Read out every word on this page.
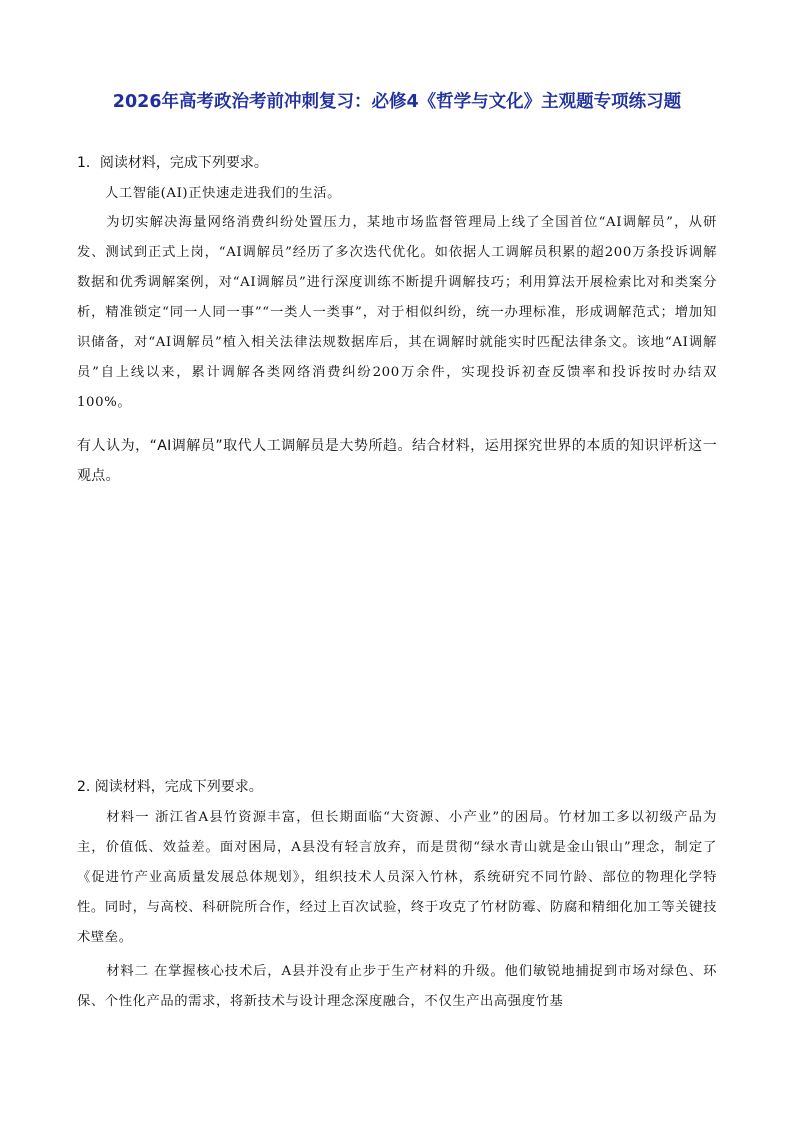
2026年高考政治考前冲刺复习：必修4《哲学与文化》主观题专项练习题
1．阅读材料，完成下列要求。
人工智能(AI)正快速走进我们的生活。

为切实解决海量网络消费纠纷处置压力，某地市场监督管理局上线了全国首位“AI调解员”，从研发、测试到正式上岗，“AI调解员”经历了多次迭代优化。如依据人工调解员积累的超200万条投诉调解数据和优秀调解案例，对“AI调解员”进行深度训练不断提升调解技巧；利用算法开展检索比对和类案分析，精准锁定“同一人同一事”“一类人一类事”，对于相似纠纷，统一办理标准，形成调解范式；增加知识储备，对“AI调解员”植入相关法律法规数据库后，其在调解时就能实时匹配法律条文。该地“AI调解员”自上线以来，累计调解各类网络消费纠纷200万余件，实现投诉初查反馈率和投诉按时办结双100%。

有人认为，“AI调解员”取代人工调解员是大势所趋。结合材料，运用探究世界的本质的知识评析这一观点。
2. 阅读材料，完成下列要求。

材料一 浙江省A县竹资源丰富，但长期面临“大资源、小产业”的困局。竹材加工多以初级产品为主，价值低、效益差。面对困局，A县没有轻言放弃，而是贯彻“绿水青山就是金山银山”理念，制定了《促进竹产业高质量发展总体规划》，组织技术人员深入竹林，系统研究不同竹龄、部位的物理化学特性。同时，与高校、科研院所合作，经过上百次试验，终于攻克了竹材防霉、防腐和精细化加工等关键技术壁垒。

材料二 在掌握核心技术后，A县并没有止步于生产材料的升级。他们敏锐地捕捉到市场对绿色、环保、个性化产品的需求，将新技术与设计理念深度融合，不仅生产出高强度竹基
